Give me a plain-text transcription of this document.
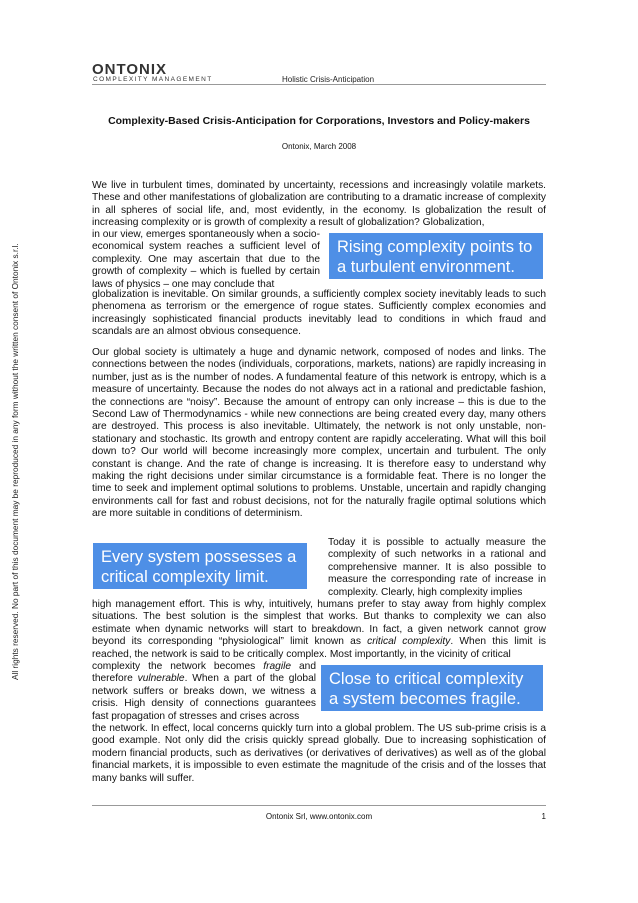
ONTONIX
COMPLEXITY MANAGEMENT	Holistic Crisis-Anticipation
All rights reserved. No part of this document may be reproduced in any form without the written consent of Ontonix s.r.l.
Complexity-Based Crisis-Anticipation for Corporations, Investors and Policy-makers
Ontonix, March 2008

We live in turbulent times, dominated by uncertainty, recessions and increasingly volatile markets. These and other manifestations of globalization are contributing to a dramatic increase of complexity in all spheres of social life, and, most evidently, in the economy. Is globalization the result of increasing complexity or is growth of complexity a result of globalization? Globalization,

in our view, emerges spontaneously when a socio-economical system reaches a sufficient level of complexity. One may ascertain that due to the growth of complexity – which is fuelled by certain laws of physics – one may conclude that

globalization is inevitable. On similar grounds, a sufficiently complex society inevitably leads to such phenomena as terrorism or the emergence of rogue states. Sufficiently complex economies and increasingly sophisticated financial products inevitably lead to conditions in which fraud and scandals are an almost obvious consequence.

Rising complexity points to a turbulent environment.

Our global society is ultimately a huge and dynamic network, composed of nodes and links. The connections between the nodes (individuals, corporations, markets, nations) are rapidly increasing in number, just as is the number of nodes. A fundamental feature of this network is entropy, which is a measure of uncertainty. Because the nodes do not always act in a rational and predictable fashion, the connections are “noisy”. Because the amount of entropy can only increase – this is due to the Second Law of Thermodynamics - while new connections are being created every day, many others are destroyed. This process is also inevitable. Ultimately, the network is not only unstable, non-stationary and stochastic. Its growth and entropy content are rapidly accelerating. What will this boil down to? Our world will become increasingly more complex, uncertain and turbulent. The only constant is change. And the rate of change is increasing. It is therefore easy to understand why making the right decisions under similar circumstance is a formidable feat. There is no longer the time to seek and implement optimal solutions to problems. Unstable, uncertain and rapidly changing environments call for fast and robust decisions, not for the naturally fragile optimal solutions which are more suitable in conditions of determinism.

Every system possesses a critical complexity limit.

Today it is possible to actually measure the complexity of such networks in a rational and comprehensive manner. It is also possible to measure the corresponding rate of increase in complexity. Clearly, high complexity implies

high management effort. This is why, intuitively, humans prefer to stay away from highly complex situations. The best solution is the simplest that works. But thanks to complexity we can also estimate when dynamic networks will start to breakdown. In fact, a given network cannot grow beyond its corresponding “physiological” limit known as critical complexity. When this limit is reached, the network is said to be critically complex. Most importantly, in the vicinity of critical

complexity the network becomes fragile and therefore vulnerable. When a part of the global network suffers or breaks down, we witness a crisis. High density of connections guarantees fast propagation of stresses and crises across

Close to critical complexity a system becomes fragile.

the network. In effect, local concerns quickly turn into a global problem. The US sub-prime crisis is a good example. Not only did the crisis quickly spread globally. Due to increasing sophistication of modern financial products, such as derivatives (or derivatives of derivatives) as well as of the global financial markets, it is impossible to even estimate the magnitude of the crisis and of the losses that many banks will suffer.

Ontonix Srl, www.ontonix.com	1
